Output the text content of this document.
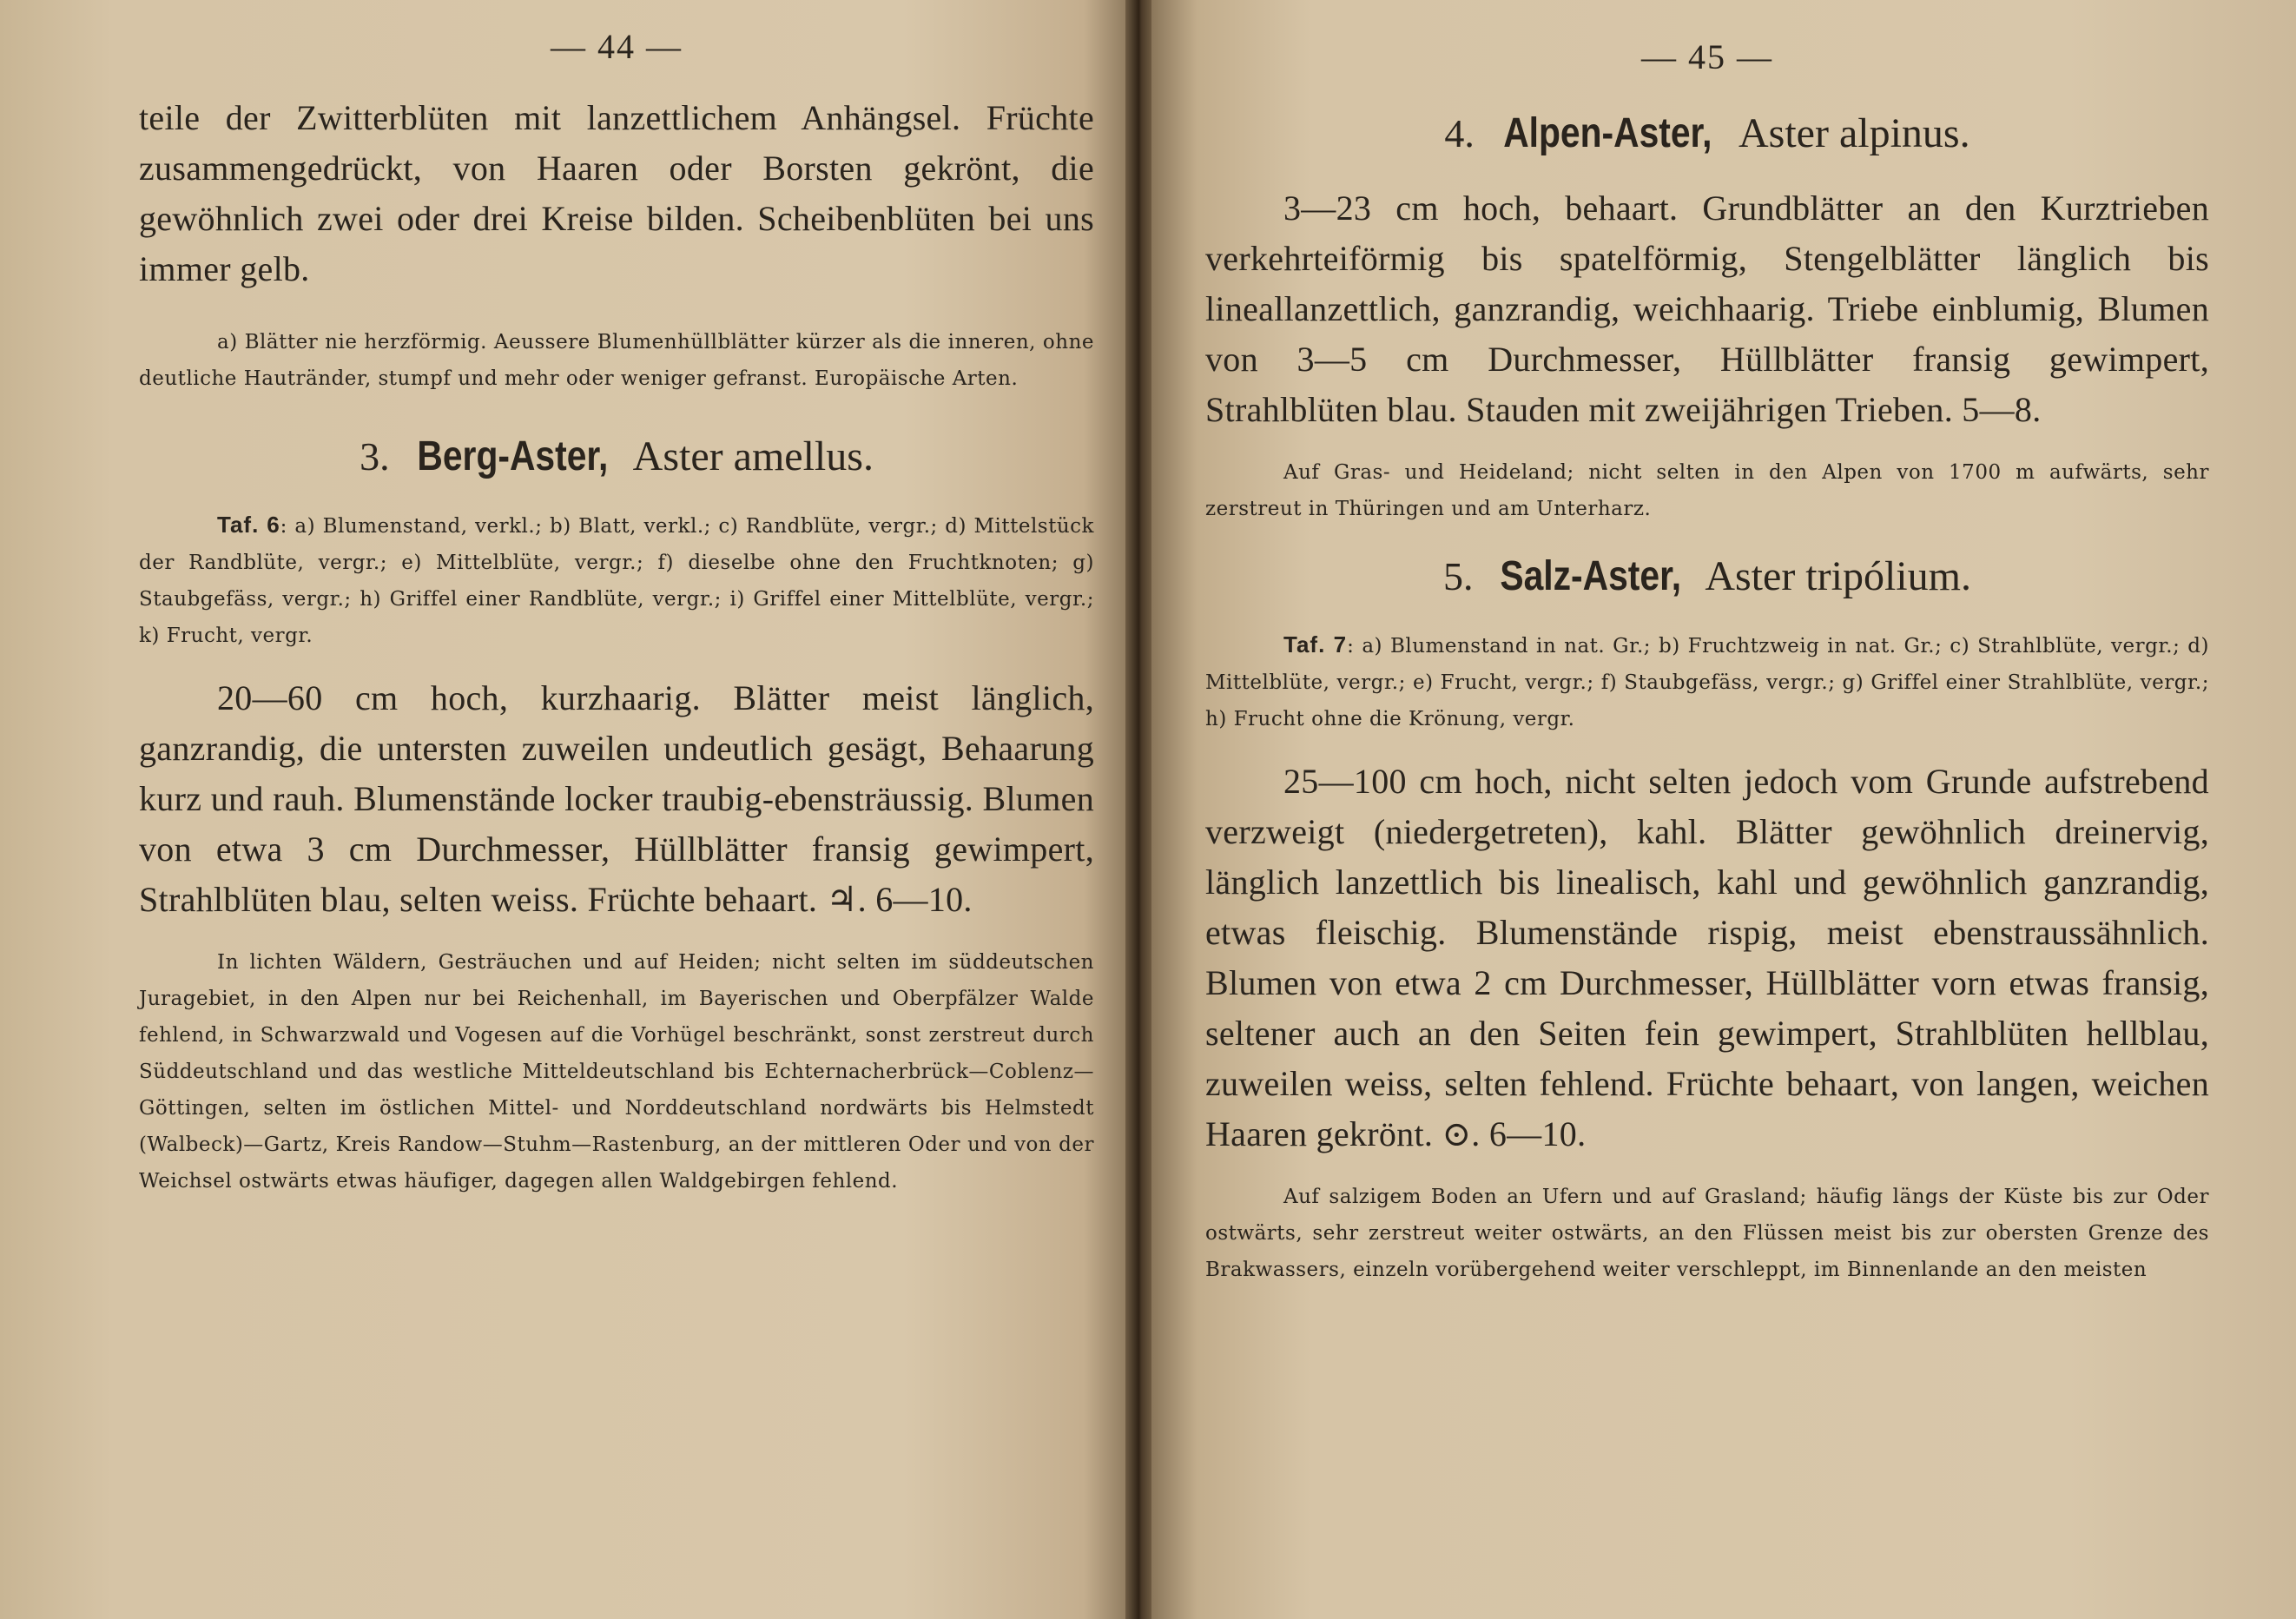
— 44 —

teile der Zwitterblüten mit lanzettlichem Anhängsel. Früchte zusammengedrückt, von Haaren oder Borsten gekrönt, die gewöhnlich zwei oder drei Kreise bilden. Scheibenblüten bei uns immer gelb.

a) Blätter nie herzförmig. Aeussere Blumenhüllblätter kürzer als die inneren, ohne deutliche Hautränder, stumpf und mehr oder weniger gefranst. Europäische Arten.

3. Berg-Aster, Aster amellus.

Taf. 6: a) Blumenstand, verkl.; b) Blatt, verkl.; c) Randblüte, vergr.; d) Mittelstück der Randblüte, vergr.; e) Mittelblüte, vergr.; f) dieselbe ohne den Fruchtknoten; g) Staubgefäss, vergr.; h) Griffel einer Randblüte, vergr.; i) Griffel einer Mittelblüte, vergr.; k) Frucht, vergr.

20—60 cm hoch, kurzhaarig. Blätter meist länglich, ganzrandig, die untersten zuweilen undeutlich gesägt, Behaarung kurz und rauh. Blumenstände locker traubig-ebensträussig. Blumen von etwa 3 cm Durchmesser, Hüllblätter fransig gewimpert, Strahlblüten blau, selten weiss. Früchte behaart. ♃. 6—10.

In lichten Wäldern, Gesträuchen und auf Heiden; nicht selten im süddeutschen Juragebiet, in den Alpen nur bei Reichenhall, im Bayerischen und Oberpfälzer Walde fehlend, in Schwarzwald und Vogesen auf die Vorhügel beschränkt, sonst zerstreut durch Süddeutschland und das westliche Mitteldeutschland bis Echternacherbrück—Coblenz—Göttingen, selten im östlichen Mittel- und Norddeutschland nordwärts bis Helmstedt (Walbeck)—Gartz, Kreis Randow—Stuhm—Rastenburg, an der mittleren Oder und von der Weichsel ostwärts etwas häufiger, dagegen allen Waldgebirgen fehlend.

— 45 —
4. Alpen-Aster, Aster alpinus.

3—23 cm hoch, behaart. Grundblätter an den Kurztrieben verkehrteiförmig bis spatelförmig, Stengelblätter länglich bis lineallanzettlich, ganzrandig, weichhaarig. Triebe einblumig, Blumen von 3—5 cm Durchmesser, Hüllblätter fransig gewimpert, Strahlblüten blau. Stauden mit zweijährigen Trieben. 5—8.

Auf Gras- und Heideland; nicht selten in den Alpen von 1700 m aufwärts, sehr zerstreut in Thüringen und am Unterharz.

5. Salz-Aster, Aster tripólium.

Taf. 7: a) Blumenstand in nat. Gr.; b) Fruchtzweig in nat. Gr.; c) Strahlblüte, vergr.; d) Mittelblüte, vergr.; e) Frucht, vergr.; f) Staubgefäss, vergr.; g) Griffel einer Strahlblüte, vergr.; h) Frucht ohne die Krönung, vergr.

25—100 cm hoch, nicht selten jedoch vom Grunde aufstrebend verzweigt (niedergetreten), kahl. Blätter gewöhnlich dreinervig, länglich lanzettlich bis linealisch, kahl und gewöhnlich ganzrandig, etwas fleischig. Blumenstände rispig, meist ebenstraussähnlich. Blumen von etwa 2 cm Durchmesser, Hüllblätter vorn etwas fransig, seltener auch an den Seiten fein gewimpert, Strahlblüten hellblau, zuweilen weiss, selten fehlend. Früchte behaart, von langen, weichen Haaren gekrönt. ⊙. 6—10.

Auf salzigem Boden an Ufern und auf Grasland; häufig längs der Küste bis zur Oder ostwärts, sehr zerstreut weiter ostwärts, an den Flüssen meist bis zur obersten Grenze des Brakwassers, einzeln vorübergehend weiter verschleppt, im Binnenlande an den meisten
